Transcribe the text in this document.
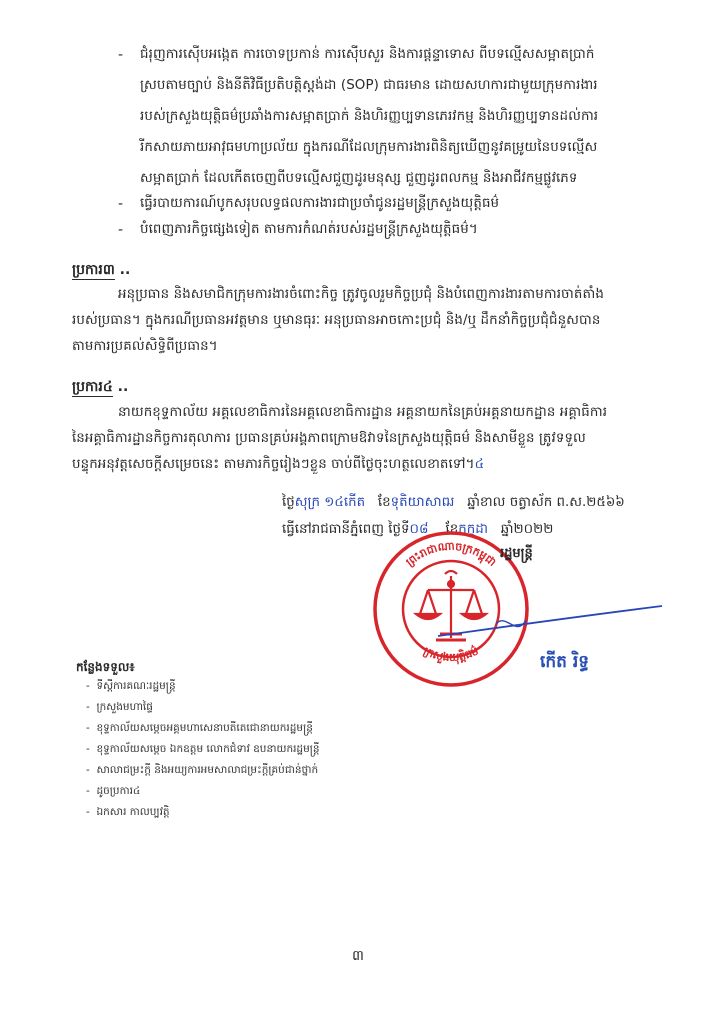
- ជំរុញការស៊ើបអង្កេត ការចោទប្រកាន់ ការស៊ើបសួរ និងការផ្តន្ទាទោស ពីបទល្មើសសម្អាតប្រាក់
ស្របតាមច្បាប់ និងនីតិវិធីប្រតិបត្តិស្តង់ដា (SOP) ជាធរមាន ដោយសហការជាមួយក្រុមការងារ
របស់ក្រសួងយុត្តិធម៌ប្រឆាំងការសម្អាតប្រាក់ និងហិរញ្ញប្បទានភេរវកម្ម និងហិរញ្ញប្បទានដល់ការ
រីកសាយភាយអាវុធមហាប្រល័យ ក្នុងករណីដែលក្រុមការងារពិនិត្យឃើញនូវគម្រូយនៃបទល្មើស
សម្អាតប្រាក់ ដែលកើតចេញពីបទល្មើសជួញដូរមនុស្ស ជួញដូរពលកម្ម និងអាជីវកម្មផ្លូវភេទ
- ធ្វើរបាយការណ៍បូកសរុបលទ្ធផលការងារជាប្រចាំជូនរដ្ឋមន្ត្រីក្រសួងយុត្តិធម៌
- បំពេញភារកិច្ចផ្សេងទៀត តាមការកំណត់របស់រដ្ឋមន្ត្រីក្រសួងយុត្តិធម៌។
ប្រការ៣ ..
អនុប្រធាន និងសមាជិកក្រុមការងារចំពោះកិច្ច ត្រូវចូលរួមកិច្ចប្រជុំ និងបំពេញការងារតាមការចាត់តាំង
របស់ប្រធាន។ ក្នុងករណីប្រធានអវត្តមាន ឬមានធុរៈ អនុប្រធានអាចកោះប្រជុំ និង/ឬ ដឹកនាំកិច្ចប្រជុំជំនួសបាន
តាមការប្រគល់សិទ្ធិពីប្រធាន។
ប្រការ៤ ..
នាយកខុទ្ទកាល័យ អគ្គលេខាធិការនៃអគ្គលេខាធិការដ្ឋាន អគ្គនាយកនៃគ្រប់អគ្គនាយកដ្ឋាន អគ្គាធិការ
នៃអគ្គាធិការដ្ឋានកិច្ចការតុលាការ ប្រធានគ្រប់អង្គភាពក្រោមឱវាទនៃក្រសួងយុត្តិធម៌ និងសាមីខ្លួន ត្រូវទទួល
បន្ទុកអនុវត្តសេចក្តីសម្រេចនេះ តាមភារកិច្ចរៀងៗខ្លួន ចាប់ពីថ្ងៃចុះហត្ថលេខាតទៅ។៤
ថ្ងៃសុក្រ ១៤កើត ខែទុតិយាសាឍ ឆ្នាំខាល ចត្វាស័ក ព.ស.២៥៦៦
ធ្វើនៅរាជធានីភ្នំពេញ ថ្ងៃទី០៨ ខែកក្កដា ឆ្នាំ២០២២
ព្រះរាជាណាចក្រកម្ពុជា
ក្រសួងយុត្តិធម៌
រដ្ឋមន្ត្រី
កើត រិទ្ធ
កន្លែងទទួល៖
-  ទីស្តីការគណៈរដ្ឋមន្ត្រី
-  ក្រសួងមហាផ្ទៃ
-  ខុទ្ទកាល័យសម្តេចអគ្គមហាសេនាបតីតេជោនាយករដ្ឋមន្ត្រី
-  ខុទ្ទកាល័យសម្តេច ឯកឧត្តម លោកជំទាវ ឧបនាយករដ្ឋមន្ត្រី
-  សាលាជម្រះក្តី និងអយ្យការអមសាលាជម្រះក្តីគ្រប់ជាន់ថ្នាក់
-  ដូចប្រការ៤
-  ឯកសារ កាលប្បវត្តិ
៣
